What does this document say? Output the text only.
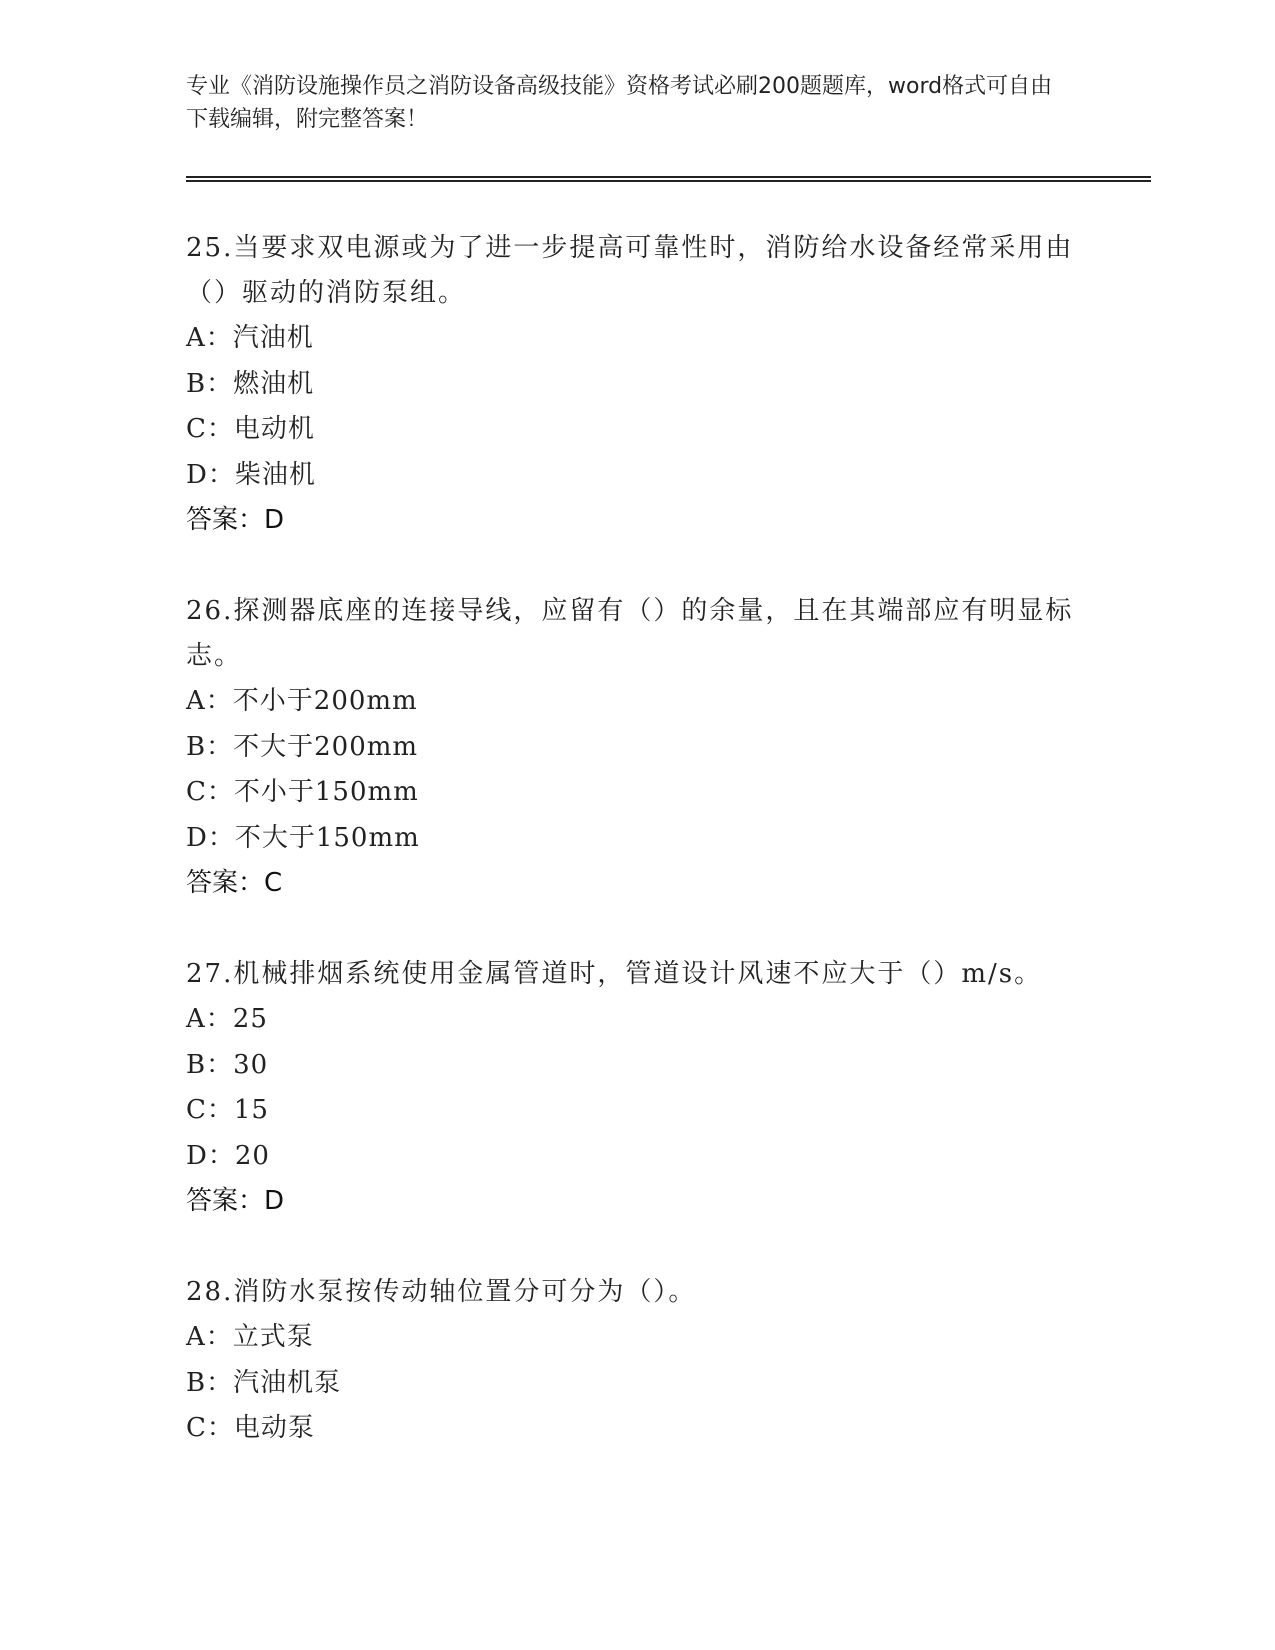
专业《消防设施操作员之消防设备高级技能》资格考试必刷200题题库，word格式可自由下载编辑，附完整答案！

25.当要求双电源或为了进一步提高可靠性时，消防给水设备经常采用由（）驱动的消防泵组。

A：汽油机

B：燃油机

C：电动机

D：柴油机

答案：D

26.探测器底座的连接导线，应留有（）的余量，且在其端部应有明显标志。

A：不小于200mm

B：不大于200mm

C：不小于150mm

D：不大于150mm

答案：C

27.机械排烟系统使用金属管道时，管道设计风速不应大于（）m/s。

A：25

B：30

C：15

D：20

答案：D

28.消防水泵按传动轴位置分可分为（）。

A：立式泵

B：汽油机泵

C：电动泵
